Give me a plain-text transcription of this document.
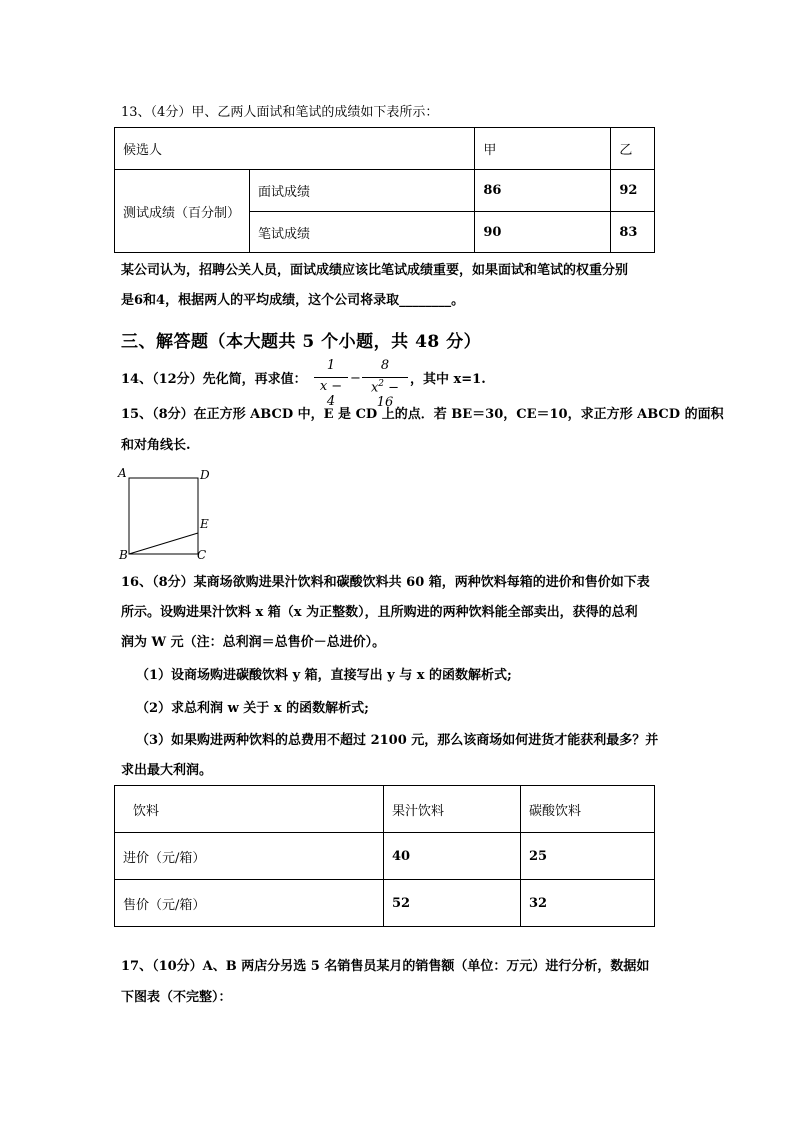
13、（4分）甲、乙两人面试和笔试的成绩如下表所示：
候选人		甲	乙
测试成绩（百分制）	面试成绩	86	92
	笔试成绩	90	83
某公司认为，招聘公关人员，面试成绩应该比笔试成绩重要，如果面试和笔试的权重分别
是6和4，根据两人的平均成绩，这个公司将录取________。
三、解答题（本大题共 5 个小题，共 48 分）
14、（12分）先化简，再求值：
1
x − 4
−
8
$x^2 - 16$
，其中 x=1.
15、（8分）在正方形 ABCD 中，E 是 CD 上的点．若 BE＝30，CE＝10，求正方形 ABCD 的面积
和对角线长.
A	D
E
B	C
16、（8分）某商场欲购进果汁饮料和碳酸饮料共 60 箱，两种饮料每箱的进价和售价如下表
所示。设购进果汁饮料 x 箱（x 为正整数），且所购进的两种饮料能全部卖出，获得的总利
润为 W 元（注：总利润＝总售价－总进价）。
（1）设商场购进碳酸饮料 y 箱，直接写出 y 与 x 的函数解析式;
（2）求总利润 w 关于 x 的函数解析式;
（3）如果购进两种饮料的总费用不超过 2100 元，那么该商场如何进货才能获利最多？并
求出最大利润。
饮料	果汁饮料	碳酸饮料
进价（元/箱）	40	25
售价（元/箱）	52	32
17、（10分）A、B 两店分另选 5 名销售员某月的销售额（单位：万元）进行分析，数据如
下图表（不完整）：
